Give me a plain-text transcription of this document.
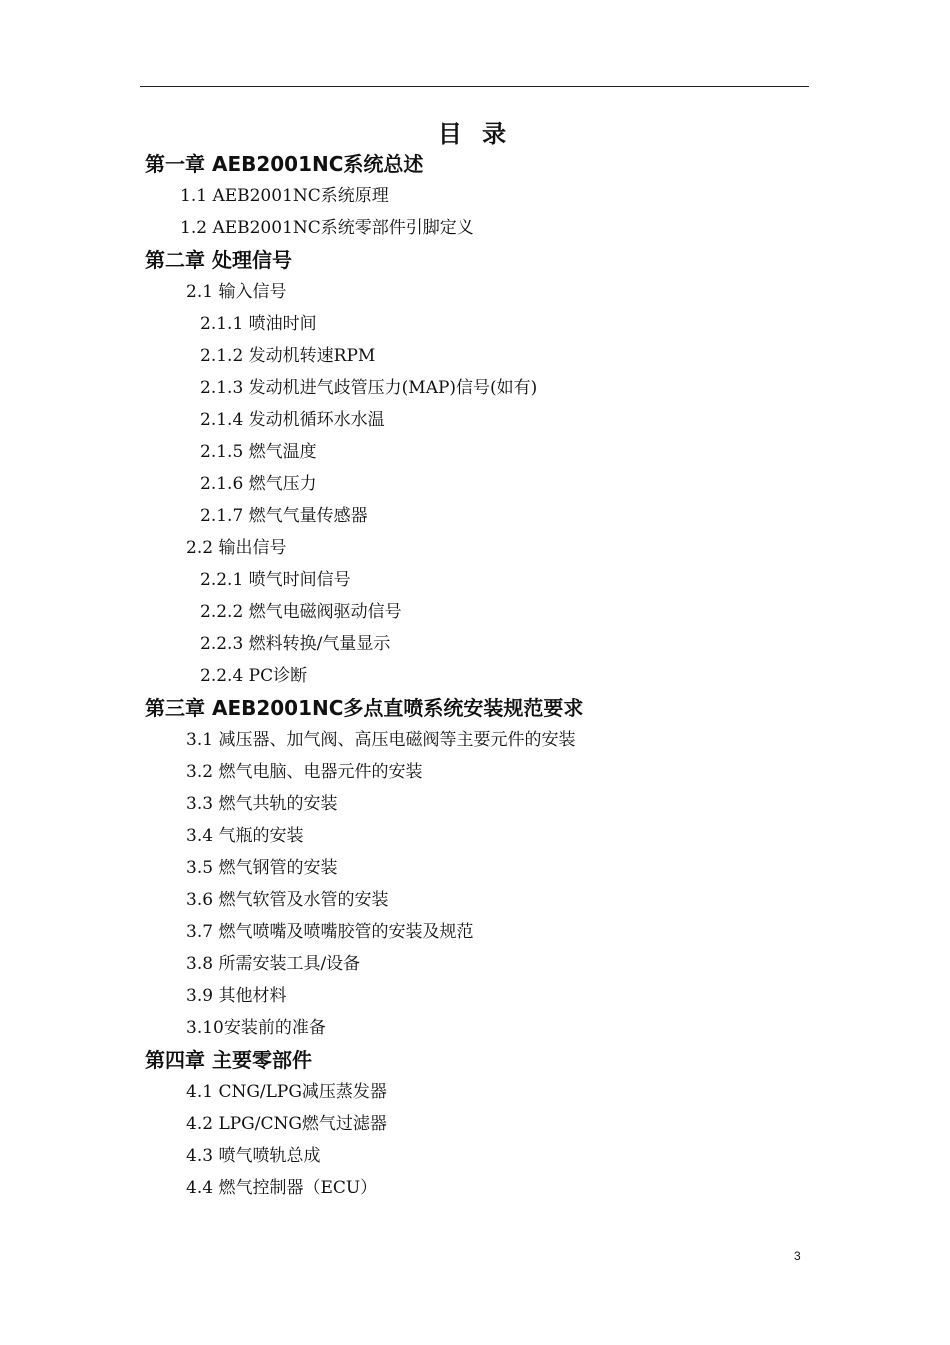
目 录
第一章 AEB2001NC系统总述
1.1 AEB2001NC系统原理
1.2 AEB2001NC系统零部件引脚定义
第二章 处理信号
2.1 输入信号
2.1.1 喷油时间
2.1.2 发动机转速RPM
2.1.3 发动机进气歧管压力(MAP)信号(如有)
2.1.4 发动机循环水水温
2.1.5 燃气温度
2.1.6 燃气压力
2.1.7 燃气气量传感器
2.2 输出信号
2.2.1 喷气时间信号
2.2.2 燃气电磁阀驱动信号
2.2.3 燃料转换/气量显示
2.2.4 PC诊断
第三章 AEB2001NC多点直喷系统安装规范要求
3.1 减压器、加气阀、高压电磁阀等主要元件的安装
3.2 燃气电脑、电器元件的安装
3.3 燃气共轨的安装
3.4 气瓶的安装
3.5 燃气钢管的安装
3.6 燃气软管及水管的安装
3.7 燃气喷嘴及喷嘴胶管的安装及规范
3.8 所需安装工具/设备
3.9 其他材料
3.10安装前的准备
第四章 主要零部件
4.1 CNG/LPG减压蒸发器
4.2 LPG/CNG燃气过滤器
4.3 喷气喷轨总成
4.4 燃气控制器（ECU）
3
